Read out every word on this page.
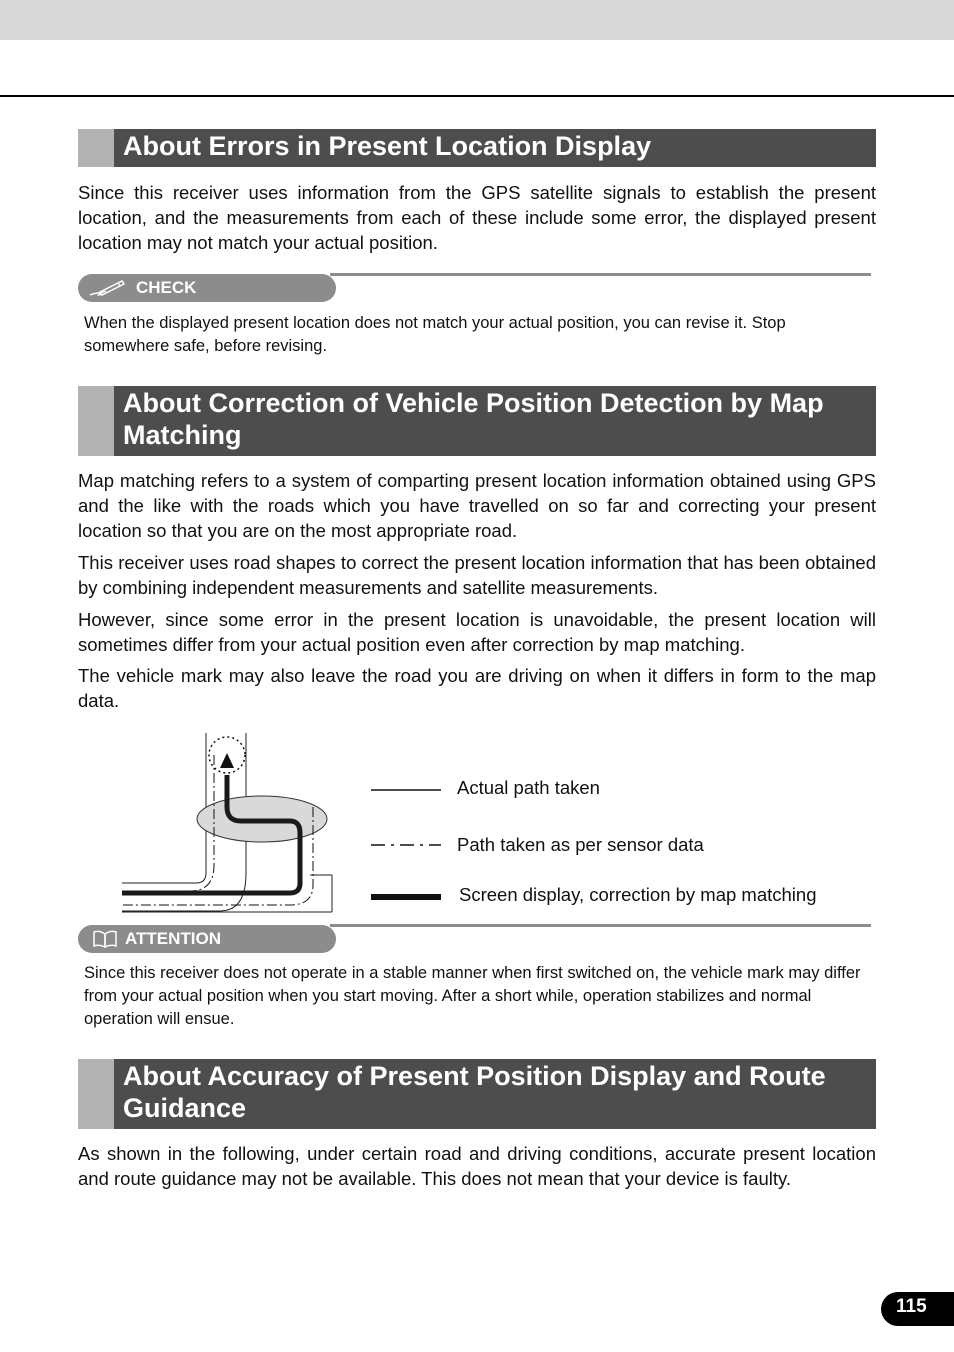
About Errors in Present Location Display

Since this receiver uses information from the GPS satellite signals to establish the present location, and the measurements from each of these include some error, the displayed present location may not match your actual position.

CHECK

When the displayed present location does not match your actual position, you can revise it. Stop somewhere safe, before revising.

About Correction of Vehicle Position Detection by Map Matching

Map matching refers to a system of comparting present location information obtained using GPS and the like with the roads which you have travelled on so far and correcting your present location so that you are on the most appropriate road.

This receiver uses road shapes to correct the present location information that has been obtained by combining independent measurements and satellite measurements.

However, since some error in the present location is unavoidable, the present location will sometimes differ from your actual position even after correction by map matching.

The vehicle mark may also leave the road you are driving on when it differs in form to the map data.

Actual path taken
Path taken as per sensor data
Screen display, correction by map matching
ATTENTION

Since this receiver does not operate in a stable manner when first switched on, the vehicle mark may differ from your actual position when you start moving. After a short while, operation stabilizes and normal operation will ensue.

About Accuracy of Present Position Display and Route Guidance

As shown in the following, under certain road and driving conditions, accurate present location and route guidance may not be available. This does not mean that your device is faulty.

115
